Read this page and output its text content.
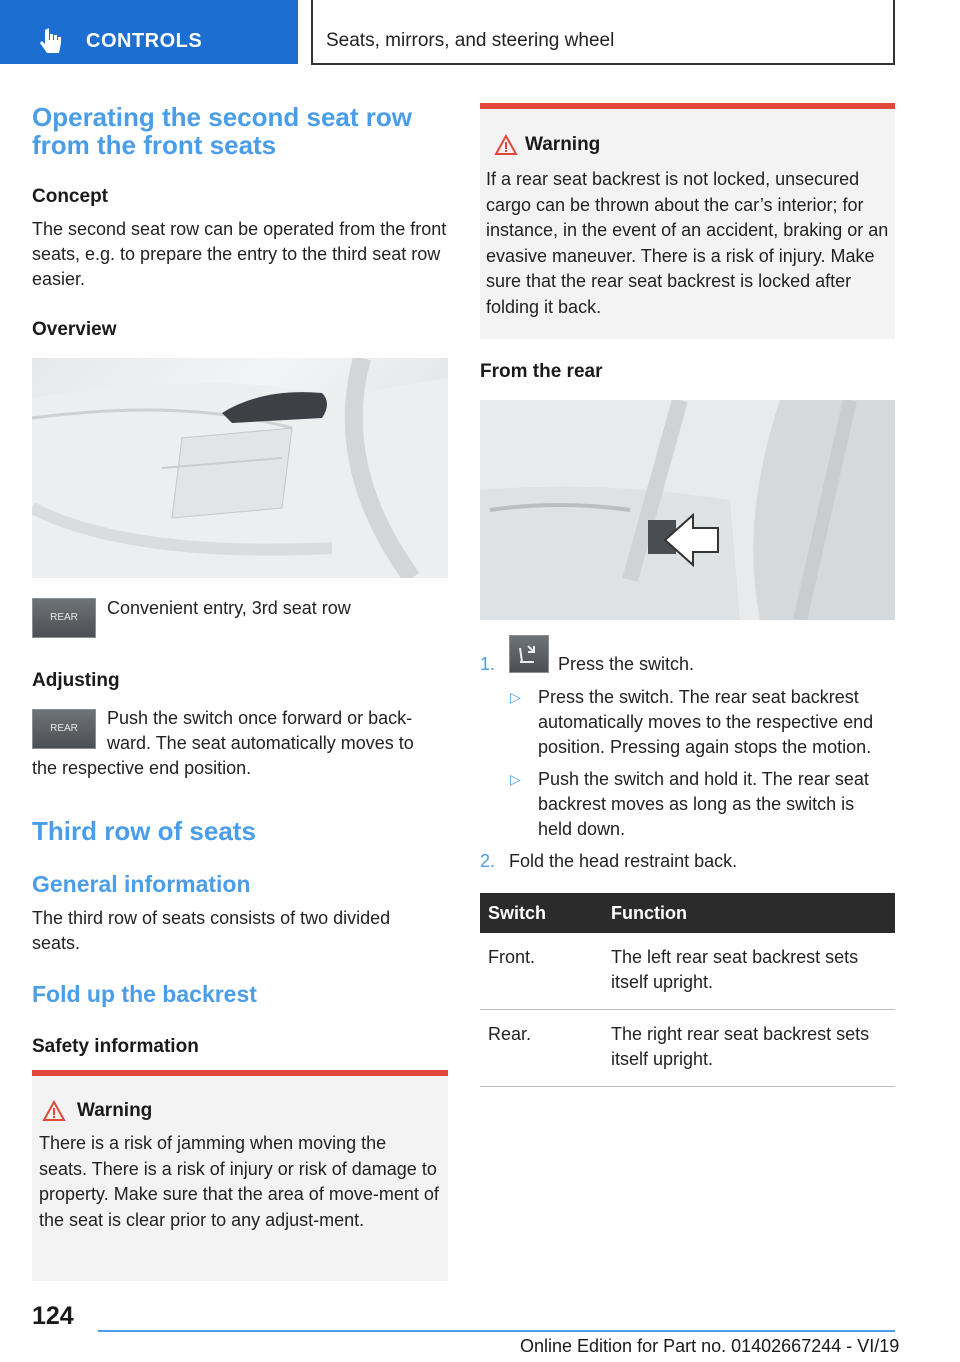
CONTROLS	Seats, mirrors, and steering wheel
Operating the second seat row from the front seats
Concept
The second seat row can be operated from the front seats, e.g. to prepare the entry to the third seat row easier.
Overview
REAR	Convenient entry, 3rd seat row
Adjusting
REAR
Push the switch once forward or back-
ward. The seat automatically moves to
the respective end position.
Third row of seats
General information
The third row of seats consists of two divided seats.
Fold up the backrest
Safety information
Warning
There is a risk of jamming when moving the seats. There is a risk of injury or risk of damage to property. Make sure that the area of move-ment of the seat is clear prior to any adjust-ment.
Warning
If a rear seat backrest is not locked, unsecured cargo can be thrown about the car’s interior; for instance, in the event of an accident, braking or an evasive maneuver. There is a risk of injury. Make sure that the rear seat backrest is locked after folding it back.
From the rear
1.	Press the switch.
▷ Press the switch. The rear seat backrest automatically moves to the respective end position. Pressing again stops the motion.
▷ Push the switch and hold it. The rear seat backrest moves as long as the switch is held down.
2. Fold the head restraint back.
Switch	Function
Front.	The left rear seat backrest sets itself upright.
Rear.	The right rear seat backrest sets itself upright.
124
Online Edition for Part no. 01402667244 - VI/19
